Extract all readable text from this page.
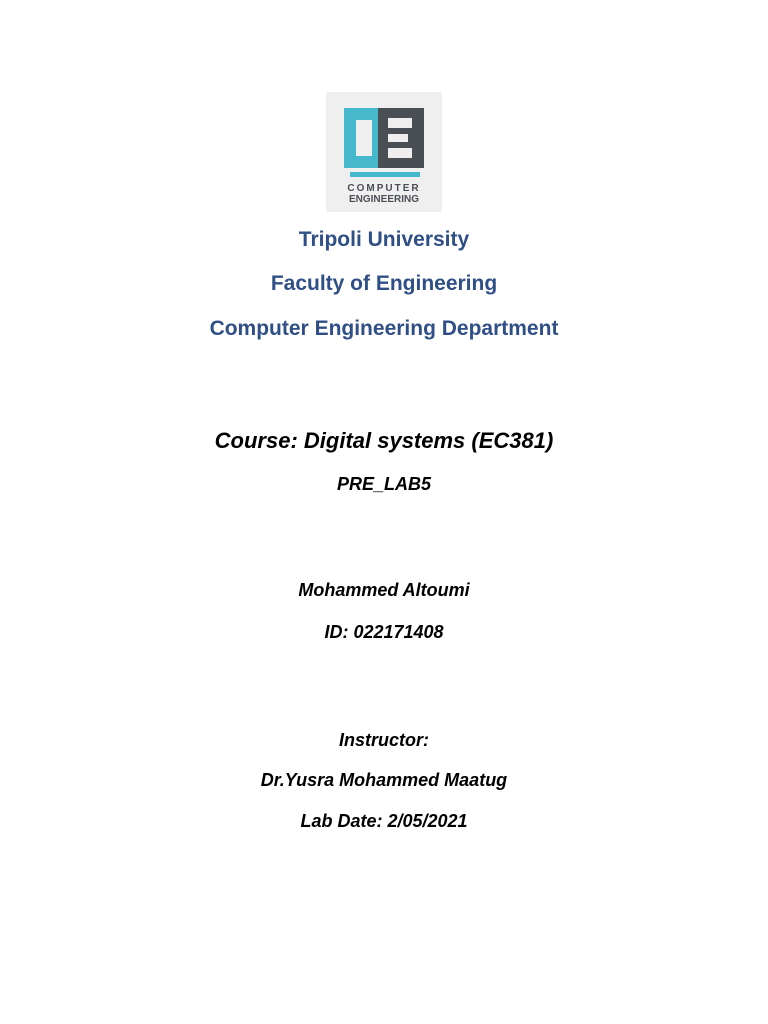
COMPUTER
ENGINEERING
Tripoli University
Faculty of Engineering
Computer Engineering Department
Course: Digital systems (EC381)
PRE_LAB5
Mohammed Altoumi
ID: 022171408
Instructor:
Dr.Yusra Mohammed Maatug
Lab Date: 2/05/2021
